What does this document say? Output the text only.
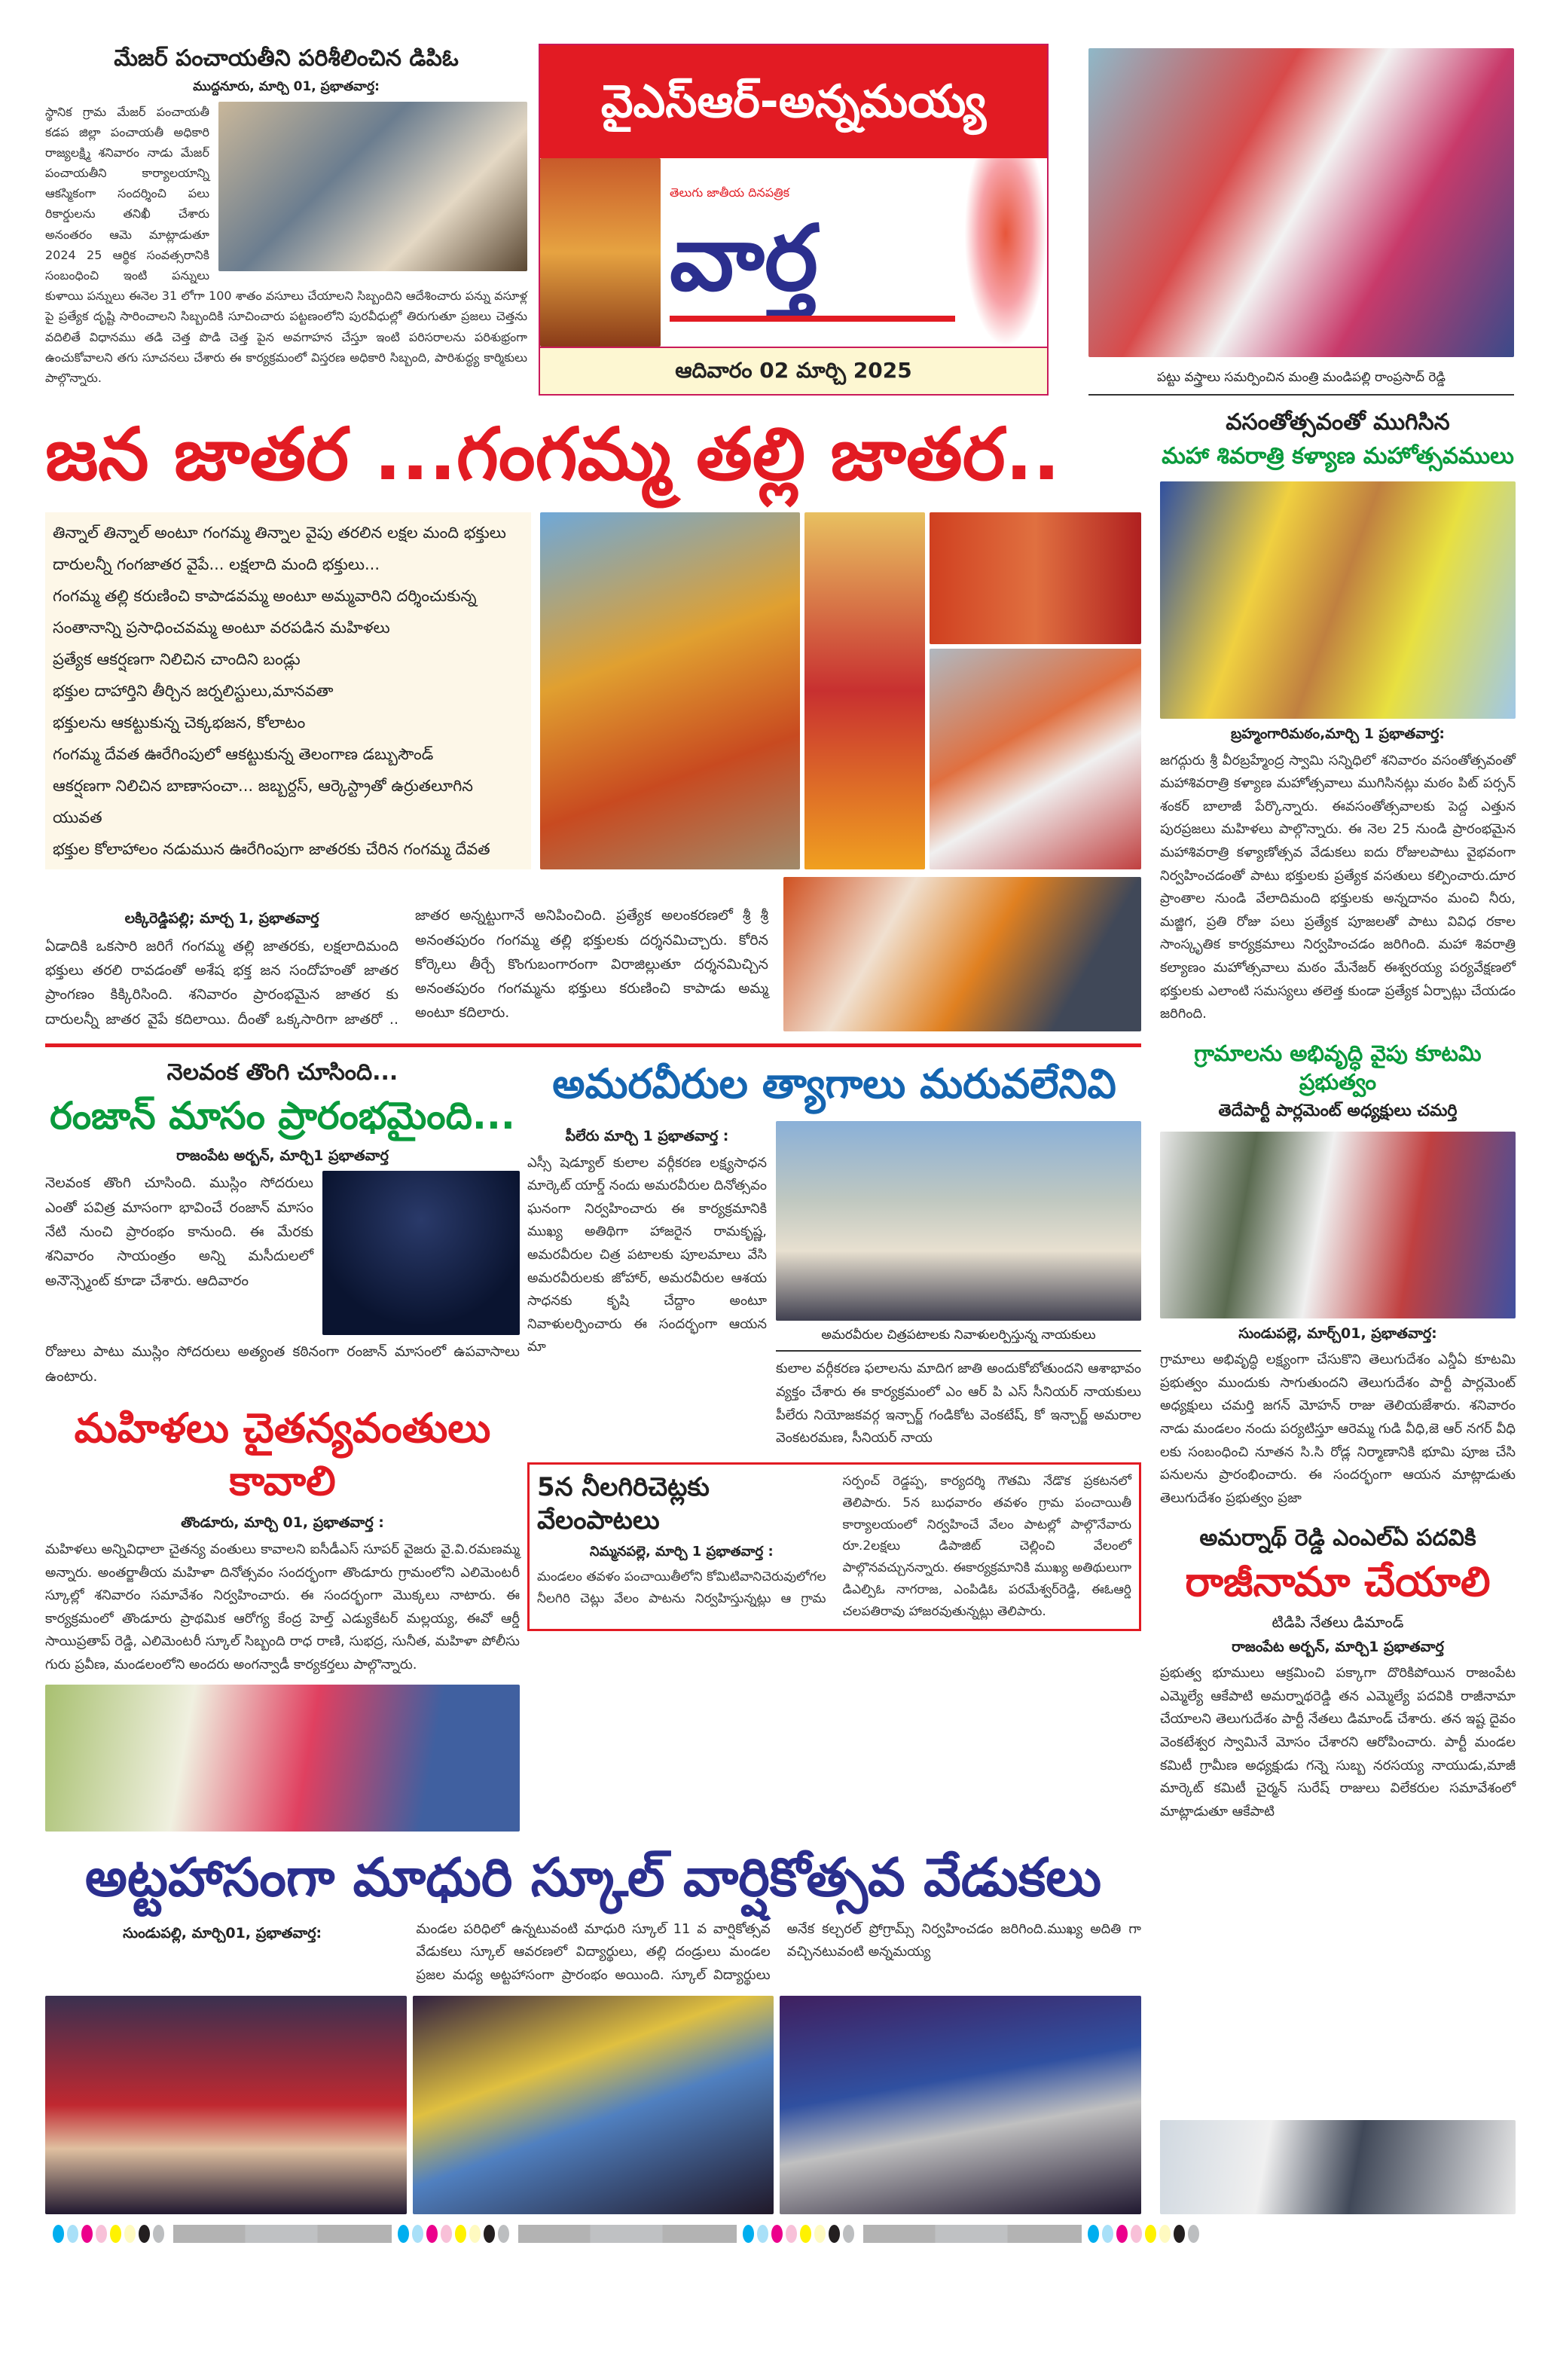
మేజర్ పంచాయతీని పరిశీలించిన డిపిఓ
ముద్దనూరు, మార్చి 01, ప్రభాతవార్త:
స్థానిక గ్రామ మేజర్ పంచాయతీ కడప జిల్లా పంచాయతీ అధికారి రాజ్యలక్ష్మి శనివారం నాడు మేజర్ పంచాయతీని కార్యాలయాన్ని ఆకస్మికంగా సందర్శించి పలు రికార్డులను తనిఖీ చేశారు అనంతరం ఆమె మాట్లాడుతూ 2024 25 ఆర్థిక సంవత్సరానికి సంబంధించి ఇంటి పన్నులు కుళాయి పన్నులు ఈనెల 31 లోగా 100 శాతం వసూలు చేయాలని సిబ్బందిని ఆదేశించారు పన్ను వసూళ్ల పై ప్రత్యేక దృష్టి సారించాలని సిబ్బందికి సూచించారు పట్టణంలోని పురవీధుల్లో తిరుగుతూ ప్రజలు చెత్తను వదిలితే విధానము తడి చెత్త పొడి చెత్త పైన అవగాహన చేస్తూ ఇంటి పరిసరాలను పరిశుభ్రంగా ఉంచుకోవాలని తగు సూచనలు చేశారు ఈ కార్యక్రమంలో విస్తరణ అధికారి సిబ్బంది, పారిశుద్ధ్య కార్మికులు పాల్గొన్నారు.
వైఎస్ఆర్-అన్నమయ్య
తెలుగు జాతీయ దినపత్రిక
వార్త
ఆదివారం 02 మార్చి 2025	పట్టు వస్త్రాలు సమర్పించిన మంత్రి మండిపల్లి రాంప్రసాద్ రెడ్డి
జన జాతర ...గంగమ్మ తల్లి జాతర..

తిన్నాల్ తిన్నాల్ అంటూ గంగమ్మ తిన్నాల వైపు తరలిన లక్షల మంది భక్తులు

దారులన్నీ గంగజాతర వైపే... లక్షలాది మంది భక్తులు...

గంగమ్మ తల్లి కరుణించి కాపాడవమ్మ అంటూ అమ్మవారిని దర్శించుకున్న

సంతానాన్ని ప్రసాధించవమ్మ అంటూ వరపడిన మహిళలు

ప్రత్యేక ఆకర్షణగా నిలిచిన చాందిని బండ్లు

భక్తుల దాహార్తిని తీర్చిన జర్నలిస్టులు,మానవతా

భక్తులను ఆకట్టుకున్న చెక్కభజన, కోలాటం

గంగమ్మ దేవత ఊరేగింపులో ఆకట్టుకున్న తెలంగాణ డబ్బుసౌండ్

ఆకర్షణగా నిలిచిన బాణాసంచా... జబ్బర్దస్, ఆర్కెస్ట్రాతో ఉర్రుతలూగిన యువత

భక్తుల కోలాహాలం నడుమున ఊరేగింపుగా జాతరకు చేరిన గంగమ్మ దేవత

లక్కిరెడ్డిపల్లి; మార్చ 1, ప్రభాతవార్త
ఏడాదికి ఒకసారి జరిగే గంగమ్మ తల్లి జాతరకు, లక్షలాదిమంది భక్తులు తరలి రావడంతో అశేష భక్త జన సందోహంతో జాతర ప్రాంగణం కిక్కిరిసింది. శనివారం ప్రారంభమైన జాతర కు దారులన్నీ జాతర వైపే కదిలాయి. దీంతో ఒక్కసారిగా జాతరో .. జాతర అన్నట్టుగానే అనిపించింది. ప్రత్యేక అలంకరణలో శ్రీ శ్రీ అనంతపురం గంగమ్మ తల్లి భక్తులకు దర్శనమిచ్చారు. కోరిన కోర్కెలు తీర్చే కొంగుబంగారంగా విరాజిల్లుతూ దర్శనమిచ్చిన అనంతపురం గంగమ్మను భక్తులు కరుణించి కాపాడు అమ్మ అంటూ కదిలారు.
నెలవంక తొంగి చూసింది...
రంజాన్ మాసం ప్రారంభమైంది...
రాజంపేట అర్బన్, మార్చి1 ప్రభాతవార్త
నెలవంక తొంగి చూసింది. ముస్లిం సోదరులు ఎంతో పవిత్ర మాసంగా భావించే రంజాన్ మాసం నేటి నుంచి ప్రారంభం కానుంది. ఈ మేరకు శనివారం సాయంత్రం అన్ని మసీదులలో అనౌన్స్మెంట్ కూడా చేశారు. ఆదివారం
రోజులు పాటు ముస్లిం సోదరులు అత్యంత కఠినంగా రంజాన్ మాసంలో ఉపవాసాలు ఉంటారు.
మహిళలు చైతన్యవంతులు కావాలి
తొండూరు, మార్చి 01, ప్రభాతవార్త :
మహిళలు అన్నివిధాలా చైతన్య వంతులు కావాలని ఐసీడీఎస్ సూపర్ వైజరు వై.వి.రమణమ్మ అన్నారు. అంతర్జాతీయ మహిళా దినోత్సవం సందర్భంగా తొండూరు గ్రామంలోని ఎలిమెంటరీ స్కూల్లో శనివారం సమావేశం నిర్వహించారు. ఈ సందర్భంగా మొక్కలు నాటారు. ఈ కార్యక్రమంలో తొండూరు ప్రాథమిక ఆరోగ్య కేంద్ర హెల్త్ ఎడ్యుకేటర్ మల్లయ్య, ఈవో ఆర్డీ సాయిప్రతాప్ రెడ్డి, ఎలిమెంటరీ స్కూల్ సిబ్బంది రాధ రాణి, సుభద్ర, సునీత, మహిళా పోలీసు గురు ప్రవీణ, మండలంలోని అందరు అంగన్వాడీ కార్యకర్తలు పాల్గొన్నారు.
అమరవీరుల త్యాగాలు మరువలేనివి
పీలేరు మార్చి 1 ప్రభాతవార్త :
ఎస్సీ షెడ్యూల్ కులాల వర్గీకరణ లక్ష్యసాధన మార్కెట్ యార్డ్ నందు అమరవీరుల దినోత్సవం ఘనంగా నిర్వహించారు ఈ కార్యక్రమానికి ముఖ్య అతిథిగా హాజరైన రామకృష్ణ, అమరవీరుల చిత్ర పటాలకు పూలమాలు వేసి అమరవీరులకు జోహార్, అమరవీరుల ఆశయ సాధనకు కృషి చేద్దాం అంటూ నివాళులర్పించారు ఈ సందర్భంగా ఆయన మా
అమరవీరుల చిత్రపటాలకు నివాళులర్పిస్తున్న నాయకులు
కులాల వర్గీకరణ ఫలాలను మాదిగ జాతి అందుకోబోతుందని ఆశాభావం వ్యక్తం చేశారు ఈ కార్యక్రమంలో ఎం ఆర్ పి ఎస్ సీనియర్ నాయకులు పీలేరు నియోజకవర్గ ఇన్చార్జ్ గండికోట వెంకటేష్, కో ఇన్చార్జ్ అమరాల వెంకటరమణ, సీనియర్ నాయ
5న నీలగిరిచెట్లకు వేలంపాటలు
నిమ్మనపల్లె, మార్చి 1 ప్రభాతవార్త :
మండలం తవళం పంచాయితీలోని కోమిటివానిచెరువులోగల నీలగిరి చెట్లు వేలం పాటను నిర్వహిస్తున్నట్లు ఆ గ్రామ సర్పంచ్ రెడ్డప్ప, కార్యదర్శి గౌతమి నేడొక ప్రకటనలో తెలిపారు. 5న బుధవారం తవళం గ్రామ పంచాయితీ కార్యాలయంలో నిర్వహించే వేలం పాటల్లో పాల్గొనేవారు రూ.2లక్షలు డిపాజిట్ చెల్లించి వేలంలో పాల్గొనవచ్చునన్నారు. ఈకార్యక్రమానికి ముఖ్య అతిథులుగా డిఎల్పిఓ నాగరాజ, ఎంపిడిఓ పరమేశ్వర్‌రెడ్డి, ఈఓఆర్డి చలపతిరావు హాజరవుతున్నట్లు తెలిపారు.
అట్టహాసంగా మాధురి స్కూల్ వార్షికోత్సవ వేడుకలు
సుండుపల్లి, మార్చి01, ప్రభాతవార్త:	మండల పరిధిలో ఉన్నటువంటి మాధురి స్కూల్ 11 వ వార్షికోత్సవ వేడుకలు స్కూల్ ఆవరణలో విద్యార్థులు, తల్లి దండ్రులు మండల ప్రజల మధ్య అట్టహాసంగా ప్రారంభం అయింది. స్కూల్ విద్యార్థులు అనేక కల్చరల్ ప్రోగ్రామ్స్ నిర్వహించడం జరిగింది.ముఖ్య అదితి గా వచ్చినటువంటి అన్నమయ్య
వసంతోత్సవంతో ముగిసిన
మహా శివరాత్రి కళ్యాణ మహోత్సవములు
బ్రహ్మంగారిమఠం,మార్చి 1 ప్రభాతవార్త:
జగద్గురు శ్రీ వీరబ్రహ్మేంద్ర స్వామి సన్నిధిలో శనివారం వసంతోత్సవంతో మహాశివరాత్రి కళ్యాణ మహోత్సవాలు ముగిసినట్లు మఠం పిట్ పర్సన్ శంకర్ బాలాజీ పేర్కొన్నారు. ఈవసంతోత్సవాలకు పెద్ద ఎత్తున పురప్రజలు మహిళలు పాల్గొన్నారు. ఈ నెల 25 నుండి ప్రారంభమైన మహాశివరాత్రి కళ్యాణోత్సవ వేడుకలు ఐదు రోజులపాటు వైభవంగా నిర్వహించడంతో పాటు భక్తులకు ప్రత్యేక వసతులు కల్పించారు.దూర ప్రాంతాల నుండి వేలాదిమంది భక్తులకు అన్నదానం మంచి నీరు, మజ్జిగ, ప్రతి రోజు పలు ప్రత్యేక పూజలతో పాటు వివిధ రకాల సాంస్కృతిక కార్యక్రమాలు నిర్వహించడం జరిగింది. మహా శివరాత్రి కల్యాణం మహోత్సవాలు మఠం మేనేజర్ ఈశ్వరయ్య పర్యవేక్షణలో భక్తులకు ఎలాంటి సమస్యలు తలెత్త కుండా ప్రత్యేక ఏర్పాట్లు చేయడం జరిగింది.
గ్రామాలను అభివృద్ధి వైపు కూటమి ప్రభుత్వం
తెదేపార్టీ పార్లమెంట్ అధ్యక్షులు చమర్తి
సుండుపల్లె, మార్చ్01, ప్రభాతవార్త:
గ్రామాలు అభివృద్ధి లక్ష్యంగా చేసుకొని తెలుగుదేశం ఎన్డీఏ కూటమి ప్రభుత్వం ముందుకు సాగుతుందని తెలుగుదేశం పార్టీ పార్లమెంట్ అధ్యక్షులు చమర్తి జగన్ మోహన్ రాజు తెలియజేశారు. శనివారం నాడు మండలం నందు పర్యటిస్తూ ఆరెమ్మ గుడి వీధి,జె ఆర్ నగర్ వీధి లకు సంబంధించి నూతన సి.సి రోడ్ల నిర్మాణానికి భూమి పూజ చేసి పనులను ప్రారంభించారు. ఈ సందర్భంగా ఆయన మాట్లాడుతు తెలుగుదేశం ప్రభుత్వం ప్రజా
అమర్నాథ్ రెడ్డి ఎంఎల్ఏ పదవికి
రాజీనామా చేయాలి
టిడిపి నేతలు డిమాండ్
రాజంపేట అర్బన్, మార్చి1 ప్రభాతవార్త
ప్రభుత్వ భూములు ఆక్రమించి పక్కాగా దొరికిపోయిన రాజంపేట ఎమ్మెల్యే ఆకేపాటి అమర్నాథరెడ్డి తన ఎమ్మెల్యే పదవికి రాజీనామా చేయాలని తెలుగుదేశం పార్టీ నేతలు డిమాండ్ చేశారు. తన ఇష్ట దైవం వెంకటేశ్వర స్వామినే మోసం చేశారని ఆరోపించారు. పార్టీ మండల కమిటీ గ్రామీణ అధ్యక్షుడు గన్నె సుబ్బ నరసయ్య నాయుడు,మాజీ మార్కెట్ కమిటీ చైర్మన్ సురేష్ రాజులు విలేకరుల సమావేశంలో మాట్లాడుతూ ఆకేపాటి
